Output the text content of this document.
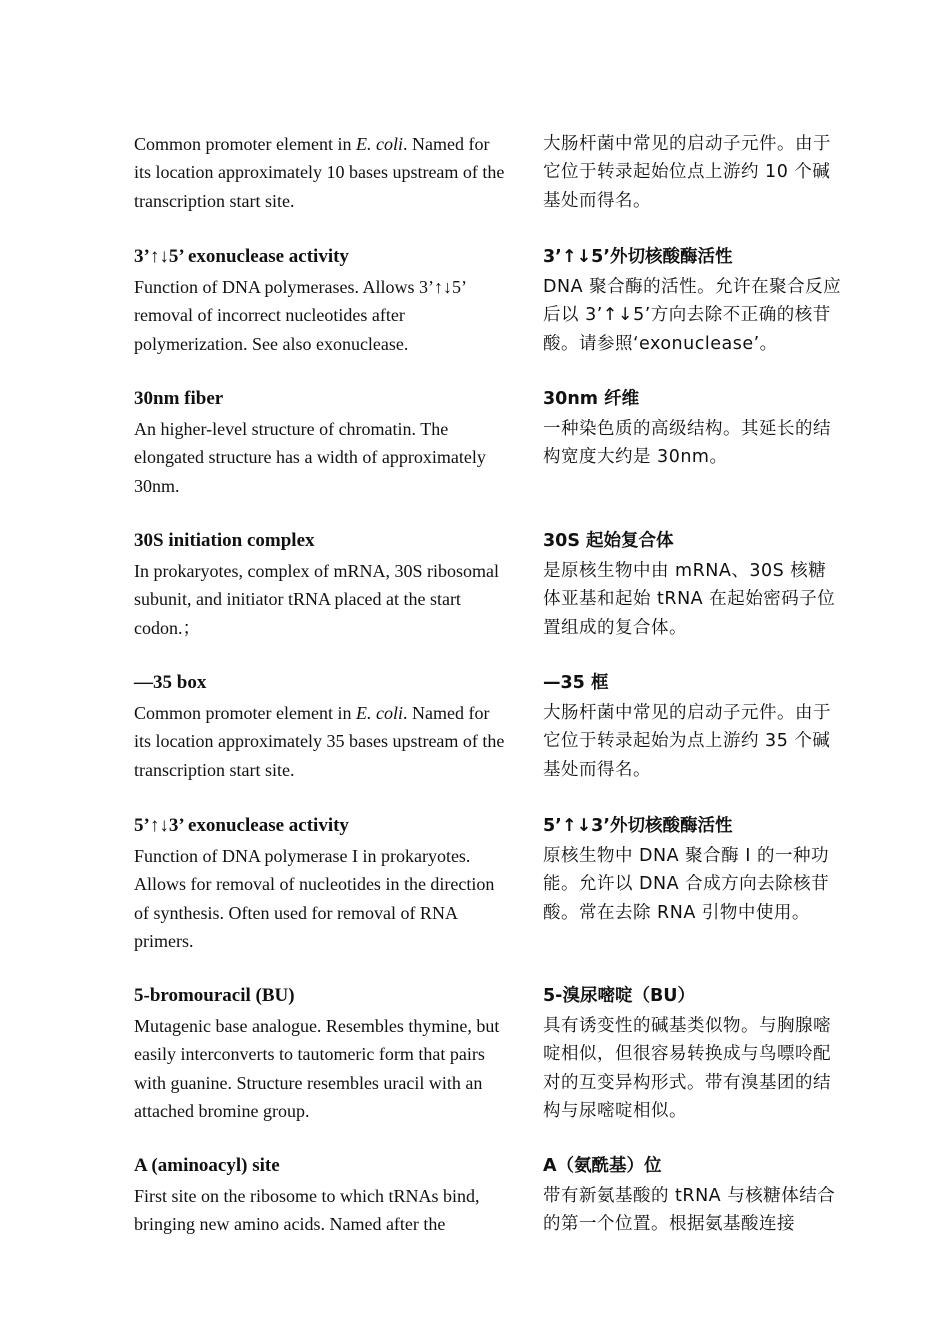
Common promoter element in E. coli. Named for its location approximately 10 bases upstream of the transcription start site.
3’↑↓5’ exonuclease activity
Function of DNA polymerases. Allows 3’↑↓5’ removal of incorrect nucleotides after polymerization. See also exonuclease.
30nm fiber
An higher-level structure of chromatin. The elongated structure has a width of approximately 30nm.
30S initiation complex
In prokaryotes, complex of mRNA, 30S ribosomal subunit, and initiator tRNA placed at the start codon.；
—35 box
Common promoter element in E. coli. Named for its location approximately 35 bases upstream of the transcription start site.
5’↑↓3’ exonuclease activity
Function of DNA polymerase I in prokaryotes. Allows for removal of nucleotides in the direction of synthesis. Often used for removal of RNA primers.
5-bromouracil (BU)
Mutagenic base analogue. Resembles thymine, but easily interconverts to tautomeric form that pairs with guanine. Structure resembles uracil with an attached bromine group.
A (aminoacyl) site
First site on the ribosome to which tRNAs bind, bringing new amino acids. Named after the
大肠杆菌中常见的启动子元件。由于它位于转录起始位点上游约 10 个碱基处而得名。
3’↑↓5’外切核酸酶活性
DNA 聚合酶的活性。允许在聚合反应后以 3’↑↓5’方向去除不正确的核苷酸。请参照‘exonuclease’。
30nm 纤维
一种染色质的高级结构。其延长的结构宽度大约是 30nm。
30S 起始复合体
是原核生物中由 mRNA、30S 核糖体亚基和起始 tRNA 在起始密码子位置组成的复合体。
—35 框
大肠杆菌中常见的启动子元件。由于它位于转录起始为点上游约 35 个碱基处而得名。
5’↑↓3’外切核酸酶活性
原核生物中 DNA 聚合酶 I 的一种功能。允许以 DNA 合成方向去除核苷酸。常在去除 RNA 引物中使用。
5-溴尿嘧啶（BU）
具有诱变性的碱基类似物。与胸腺嘧啶相似，但很容易转换成与鸟嘌呤配对的互变异构形式。带有溴基团的结构与尿嘧啶相似。
A（氨酰基）位
带有新氨基酸的 tRNA 与核糖体结合的第一个位置。根据氨基酸连接
